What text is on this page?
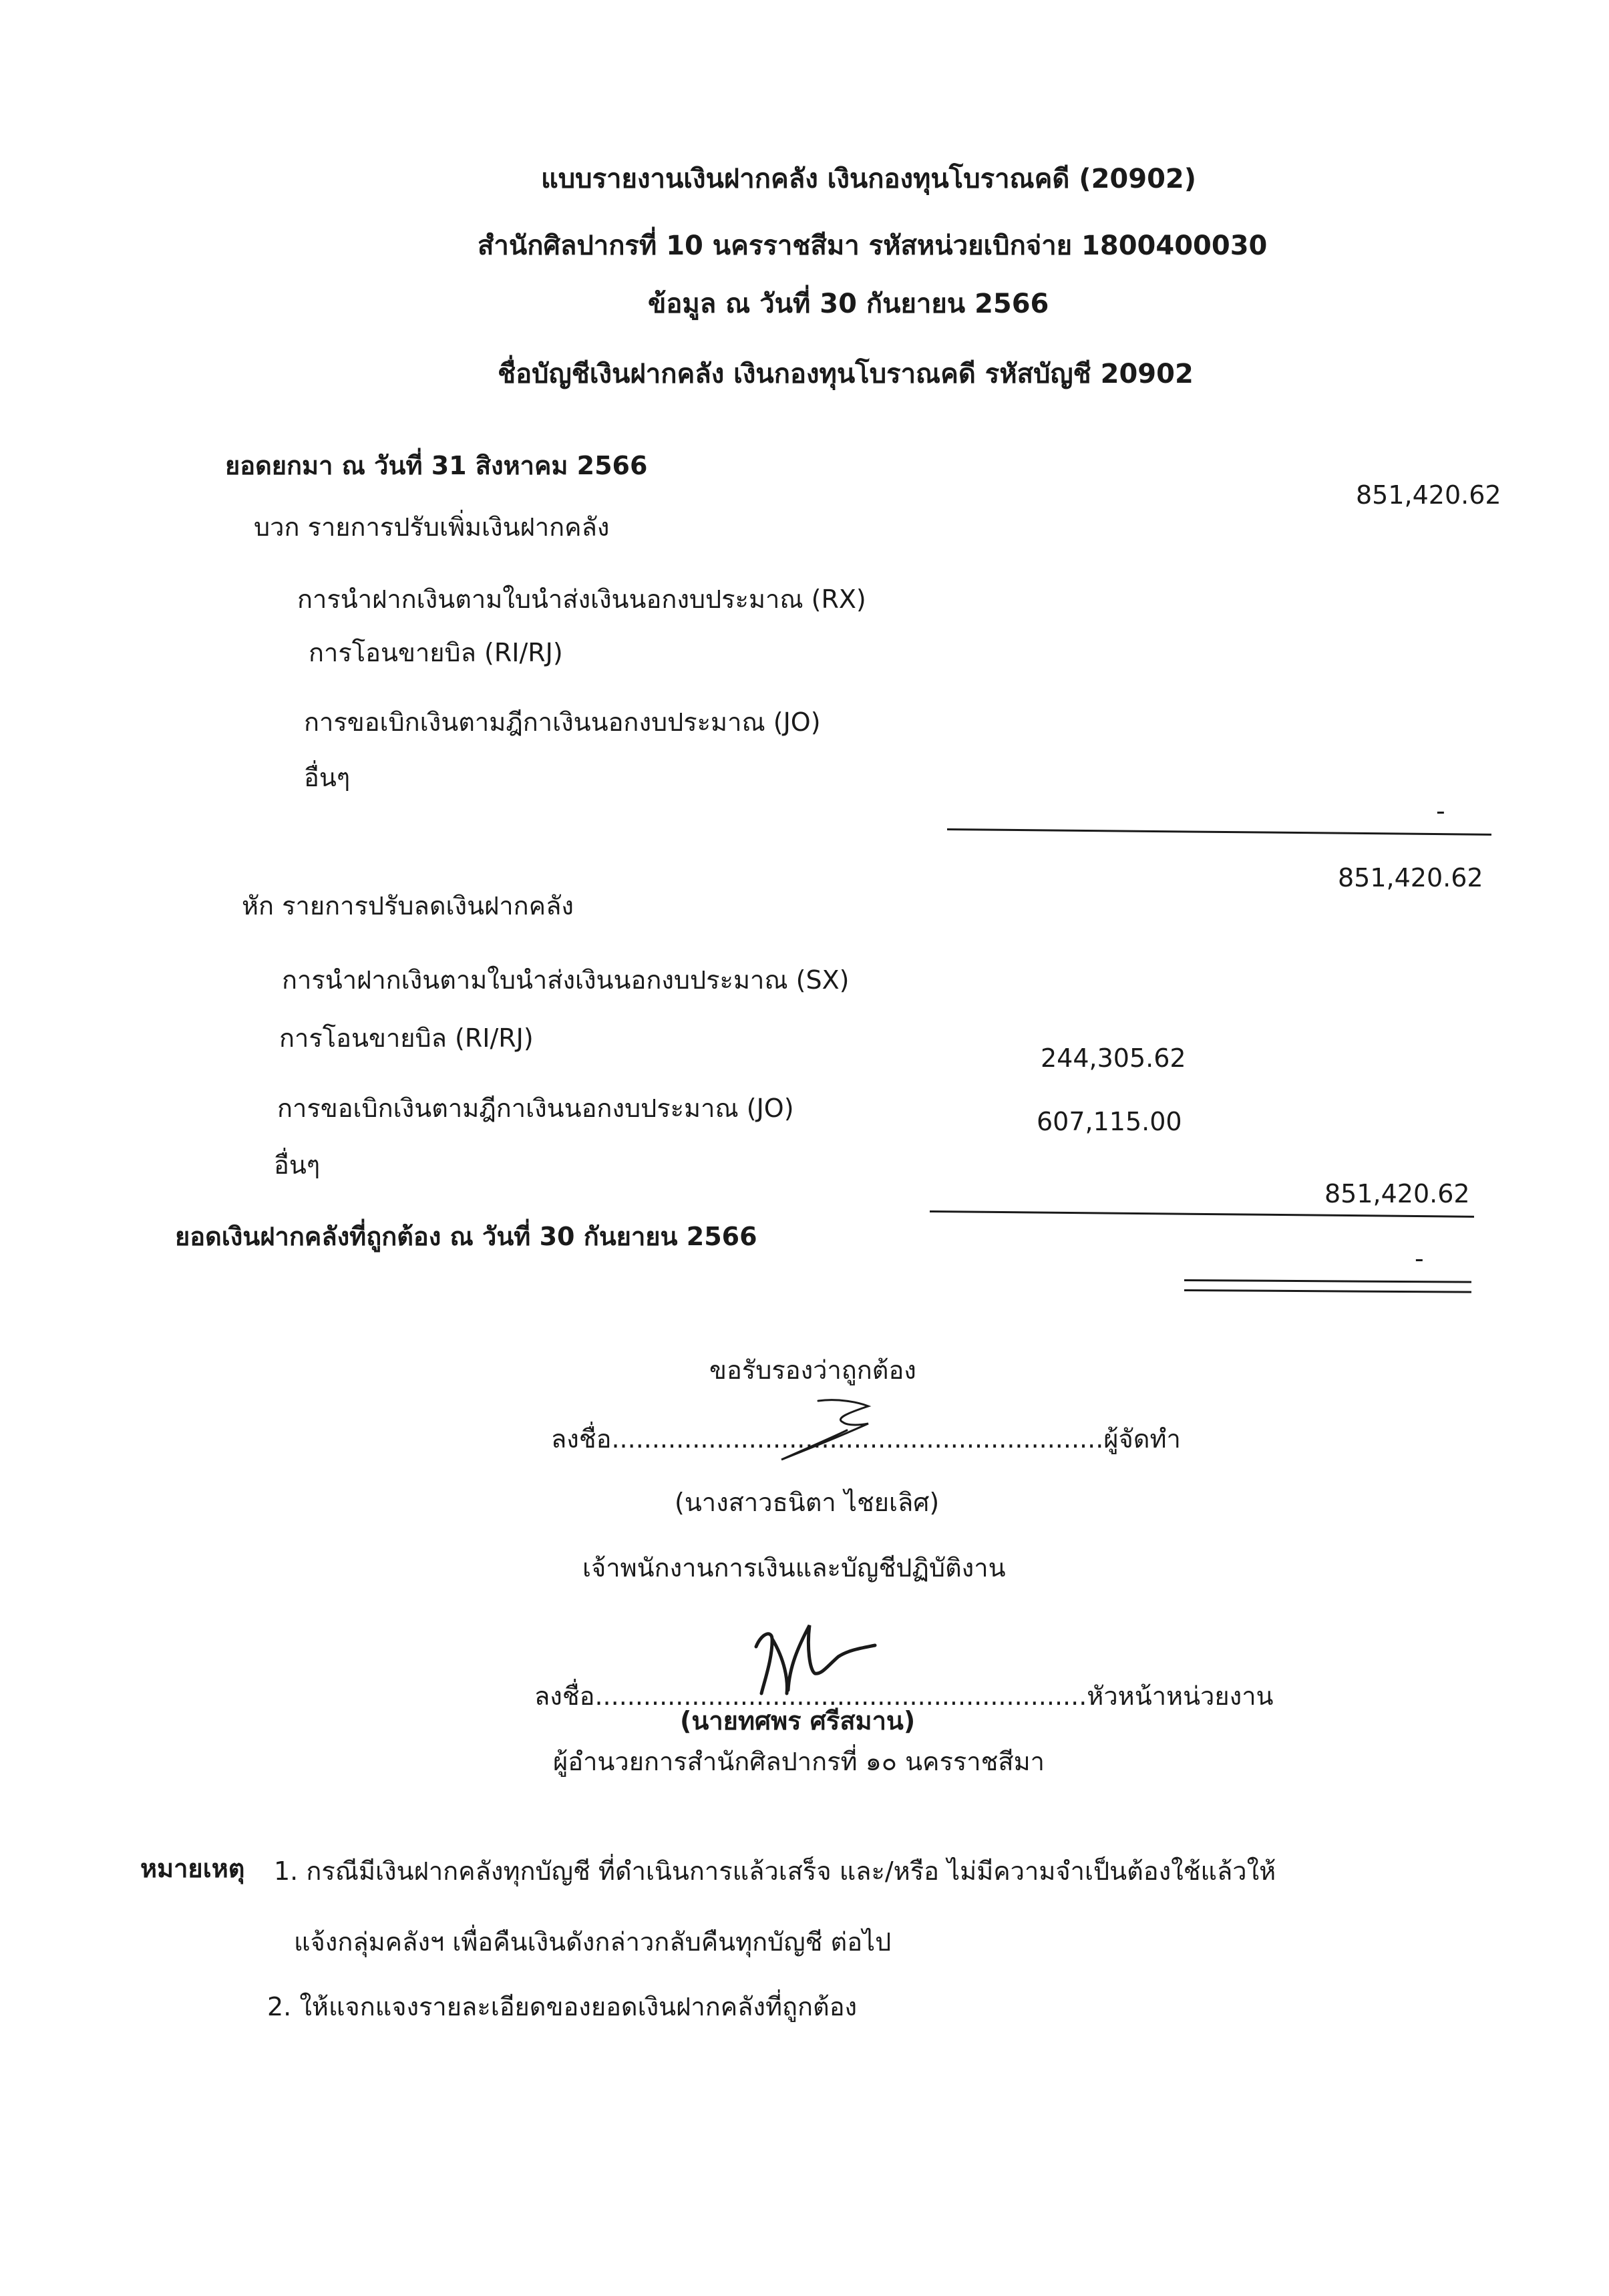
แบบรายงานเงินฝากคลัง เงินกองทุนโบราณคดี (20902)
สำนักศิลปากรที่ 10 นครราชสีมา รหัสหน่วยเบิกจ่าย 1800400030
ข้อมูล ณ วันที่ 30 กันยายน 2566
ชื่อบัญชีเงินฝากคลัง เงินกองทุนโบราณคดี รหัสบัญชี 20902
ยอดยกมา ณ วันที่ 31 สิงหาคม 2566
851,420.62
บวก รายการปรับเพิ่มเงินฝากคลัง
การนำฝากเงินตามใบนำส่งเงินนอกงบประมาณ (RX)
การโอนขายบิล (RI/RJ)
การขอเบิกเงินตามฎีกาเงินนอกงบประมาณ (JO)
อื่นๆ
-
851,420.62
หัก รายการปรับลดเงินฝากคลัง
การนำฝากเงินตามใบนำส่งเงินนอกงบประมาณ (SX)
การโอนขายบิล (RI/RJ)
244,305.62
การขอเบิกเงินตามฎีกาเงินนอกงบประมาณ (JO)	607,115.00
อื่นๆ
851,420.62
ยอดเงินฝากคลังที่ถูกต้อง ณ วันที่ 30 กันยายน 2566
-
ขอรับรองว่าถูกต้อง
ลงชื่อ.............................................................ผู้จัดทำ
(นางสาวธนิตา ไชยเลิศ)
เจ้าพนักงานการเงินและบัญชีปฏิบัติงาน
ลงชื่อ.............................................................หัวหน้าหน่วยงาน
(นายทศพร ศรีสมาน)
ผู้อำนวยการสำนักศิลปากรที่ ๑๐ นครราชสีมา
หมายเหตุ 1. กรณีมีเงินฝากคลังทุกบัญชี ที่ดำเนินการแล้วเสร็จ และ/หรือ ไม่มีความจำเป็นต้องใช้แล้วให้
แจ้งกลุ่มคลังฯ เพื่อคืนเงินดังกล่าวกลับคืนทุกบัญชี ต่อไป
2. ให้แจกแจงรายละเอียดของยอดเงินฝากคลังที่ถูกต้อง
